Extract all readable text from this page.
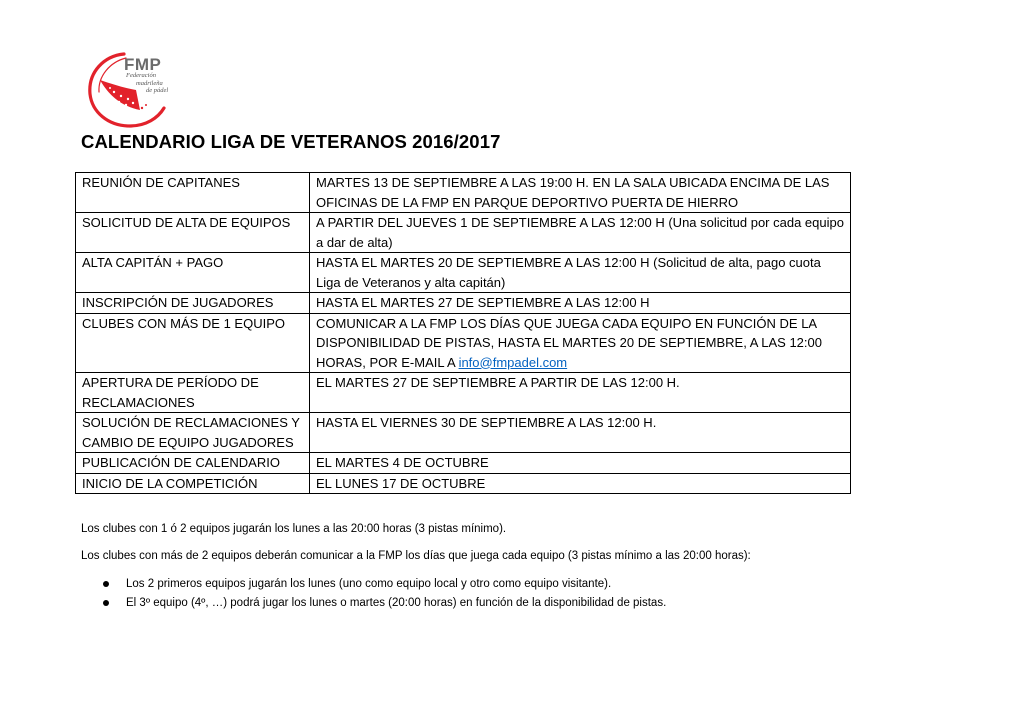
FMP
Federación
madrileña
de pádel
CALENDARIO LIGA DE VETERANOS 2016/2017
REUNIÓN DE CAPITANES	MARTES 13 DE SEPTIEMBRE A LAS 19:00 H. EN LA SALA UBICADA ENCIMA DE LAS OFICINAS DE LA FMP EN PARQUE DEPORTIVO PUERTA DE HIERRO
SOLICITUD DE ALTA DE EQUIPOS	A PARTIR DEL JUEVES 1 DE SEPTIEMBRE A LAS 12:00 H (Una solicitud por cada equipo a dar de alta)
ALTA CAPITÁN + PAGO	HASTA EL MARTES 20 DE SEPTIEMBRE A LAS 12:00 H (Solicitud de alta, pago cuota Liga de Veteranos y alta capitán)
INSCRIPCIÓN DE JUGADORES	HASTA EL MARTES 27 DE SEPTIEMBRE A LAS 12:00 H
CLUBES CON MÁS DE 1 EQUIPO	COMUNICAR A LA FMP LOS DÍAS QUE JUEGA CADA EQUIPO EN FUNCIÓN DE LA DISPONIBILIDAD DE PISTAS, HASTA EL MARTES 20 DE SEPTIEMBRE, A LAS 12:00 HORAS, POR E-MAIL A info@fmpadel.com
APERTURA DE PERÍODO DE RECLAMACIONES	EL MARTES 27 DE SEPTIEMBRE A PARTIR DE LAS 12:00 H.
SOLUCIÓN DE RECLAMACIONES Y CAMBIO DE EQUIPO JUGADORES	HASTA EL VIERNES 30 DE SEPTIEMBRE A LAS 12:00 H.
PUBLICACIÓN DE CALENDARIO	EL MARTES 4 DE OCTUBRE
INICIO DE LA COMPETICIÓN	EL LUNES 17 DE OCTUBRE

Los clubes con 1 ó 2 equipos jugarán los lunes a las 20:00 horas (3 pistas mínimo).

Los clubes con más de 2 equipos deberán comunicar a la FMP los días que juega cada equipo (3 pistas mínimo a las 20:00 horas):

Los 2 primeros equipos jugarán los lunes (uno como equipo local y otro como equipo visitante).
El 3º equipo (4º, …) podrá jugar los lunes o martes (20:00 horas) en función de la disponibilidad de pistas.
